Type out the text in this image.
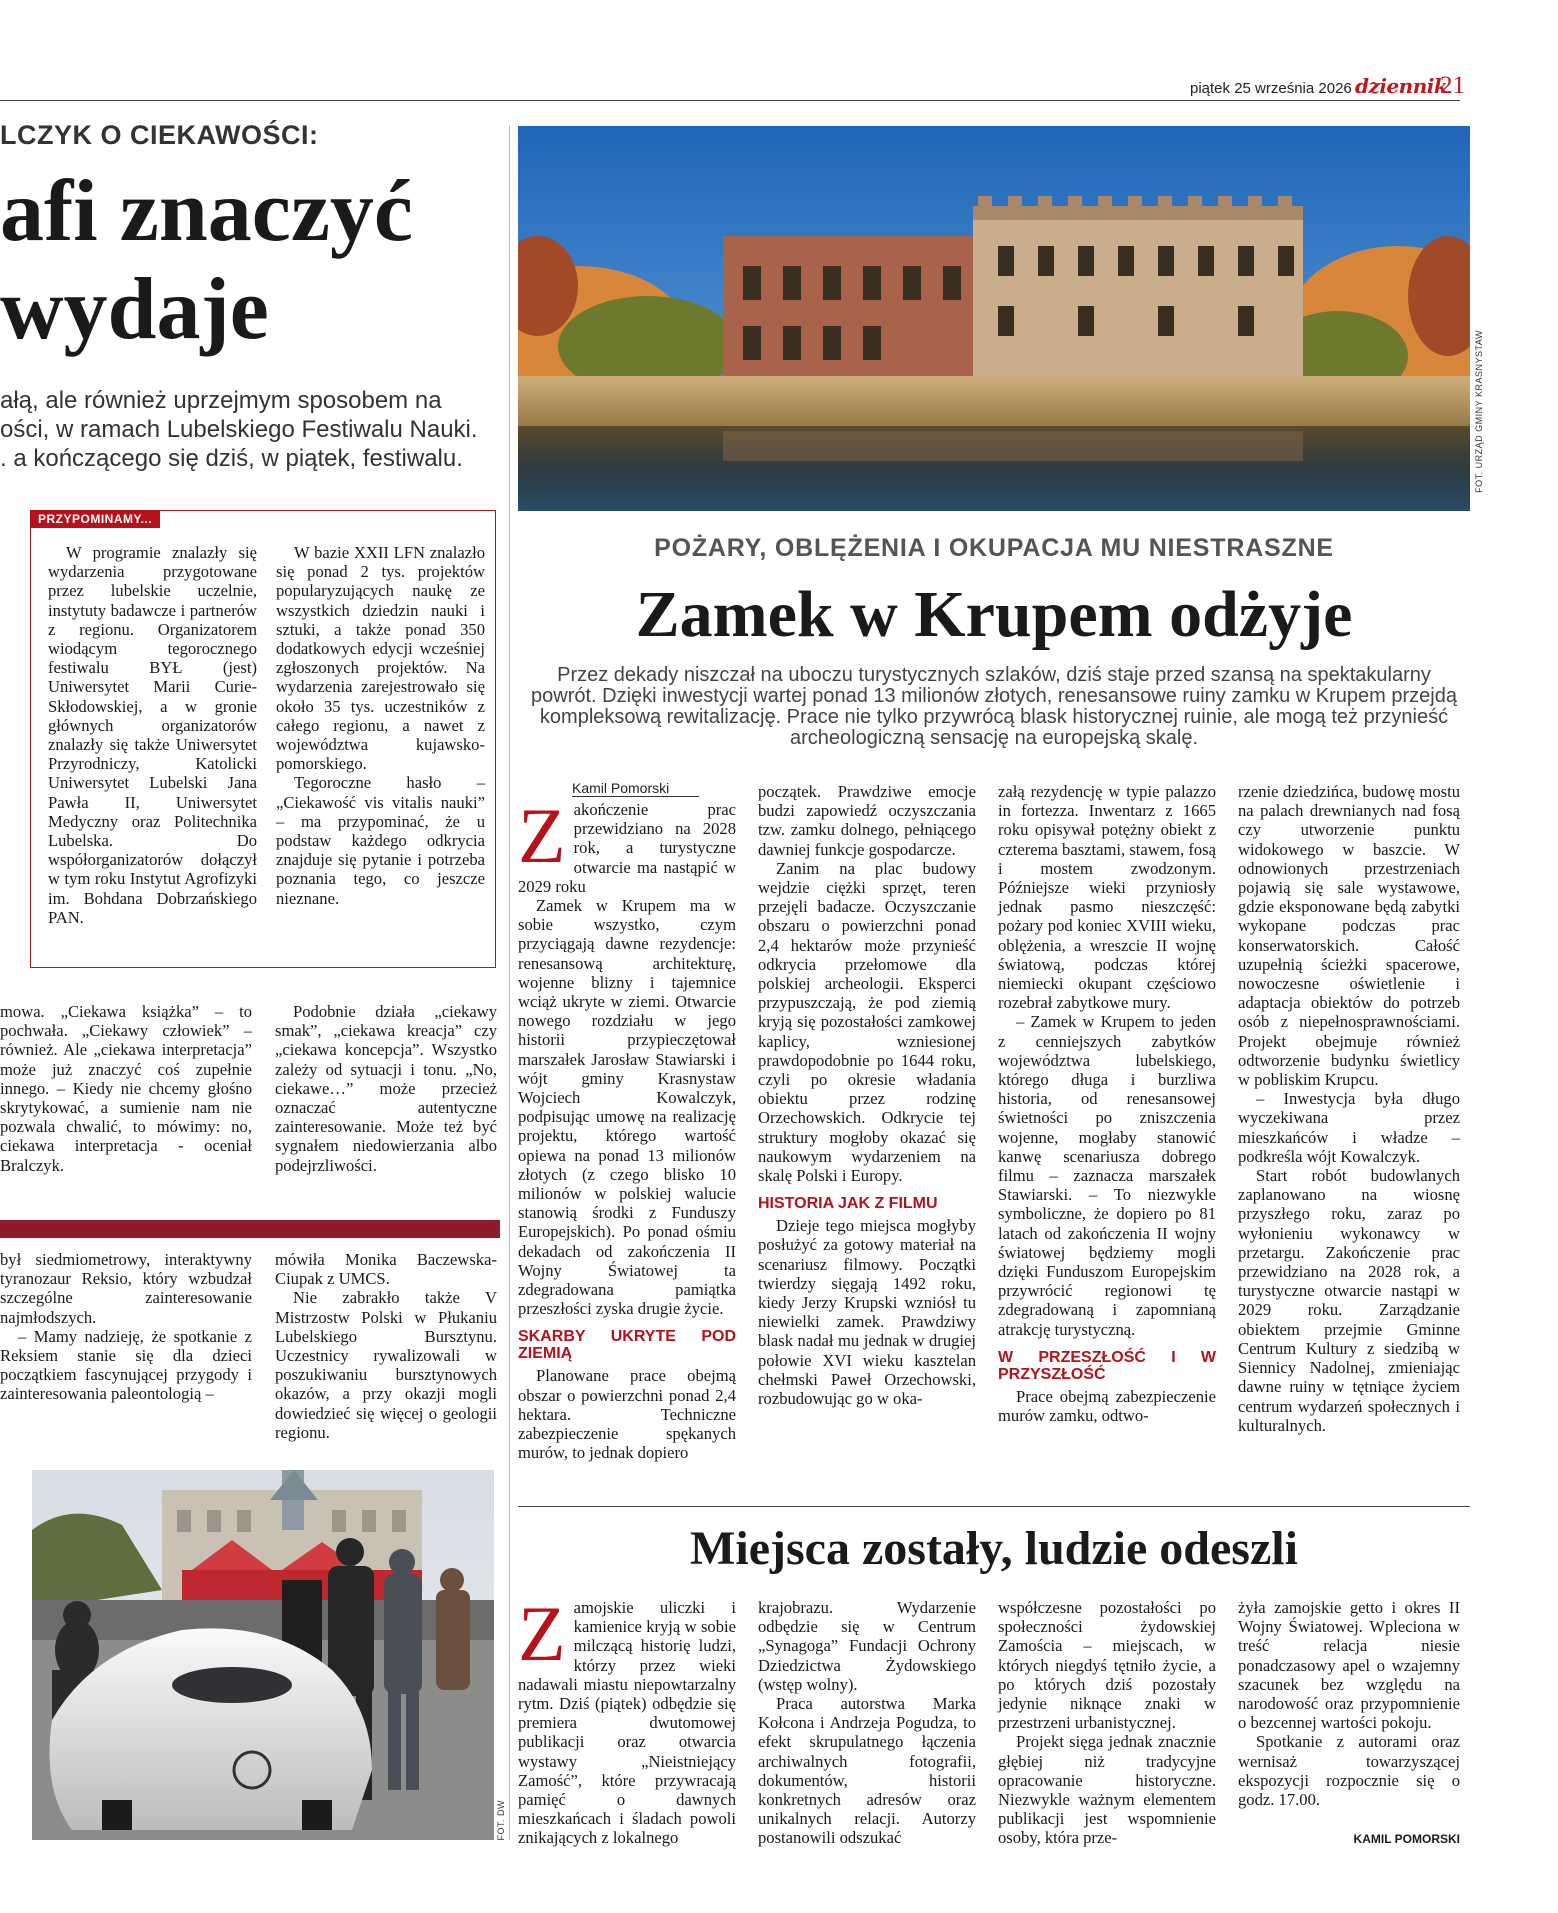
piątek 25 września 2026 dziennik
21
LCZYK O CIEKAWOŚCI:
afi znaczyć
wydaje
ałą, ale również uprzejmym sposobem na
ości, w ramach Lubelskiego Festiwalu Nauki.
. a kończącego się dziś, w piątek, festiwalu.
PRZYPOMINAMY...

W programie znalazły się wydarzenia przygotowane przez lubelskie uczelnie, instytuty badawcze i partnerów z regionu. Organizatorem wiodącym tegorocznego festiwalu BYŁ (jest) Uniwersytet Marii Curie-Skłodowskiej, a w gronie głównych organizatorów znalazły się także Uniwersytet Przyrodniczy, Katolicki Uniwersytet Lubelski Jana Pawła II, Uniwersytet Medyczny oraz Politechnika Lubelska. Do współorganizatorów dołączył w tym roku Instytut Agrofizyki im. Bohdana Dobrzańskiego PAN.

W bazie XXII LFN znalazło się ponad 2 tys. projektów popularyzujących naukę ze wszystkich dziedzin nauki i sztuki, a także ponad 350 dodatkowych edycji wcześniej zgłoszonych projektów. Na wydarzenia zarejestrowało się około 35 tys. uczestników z całego regionu, a nawet z województwa kujawsko-pomorskiego.

Tegoroczne hasło – „Ciekawość vis vitalis nauki” – ma przypominać, że u podstaw każdego odkrycia znajduje się pytanie i potrzeba poznania tego, co jeszcze nieznane.

mowa. „Ciekawa książka” – to pochwała. „Ciekawy człowiek” – również. Ale „ciekawa interpretacja” może już znaczyć coś zupełnie innego. – Kiedy nie chcemy głośno skrytykować, a sumienie nam nie pozwala chwalić, to mówimy: no, ciekawa interpretacja - oceniał Bralczyk.

Podobnie działa „ciekawy smak”, „ciekawa kreacja” czy „ciekawa koncepcja”. Wszystko zależy od sytuacji i tonu. „No, ciekawe…” może przecież oznaczać autentyczne zainteresowanie. Może też być sygnałem niedowierzania albo podejrzliwości.

był siedmiometrowy, interaktywny tyranozaur Reksio, który wzbudzał szczególne zainteresowanie najmłodszych.

– Mamy nadzieję, że spotkanie z Reksiem stanie się dla dzieci początkiem fascynującej przygody i zainteresowania paleontologią –

mówiła Monika Baczewska-Ciupak z UMCS.

Nie zabrakło także V Mistrzostw Polski w Płukaniu Lubelskiego Bursztynu. Uczestnicy rywalizowali w poszukiwaniu bursztynowych okazów, a przy okazji mogli dowiedzieć się więcej o geologii regionu.

FOT. DW
FOT. URZĄD GMINY KRASNYSTAW
POŻARY, OBLĘŻENIA I OKUPACJA MU NIESTRASZNE
Zamek w Krupem odżyje
Przez dekady niszczał na uboczu turystycznych szlaków, dziś staje przed szansą na spektakularny powrót. Dzięki inwestycji wartej ponad 13 milionów złotych, renesansowe ruiny zamku w Krupem przejdą kompleksową rewitalizację. Prace nie tylko przywrócą blask historycznej ruinie, ale mogą też przynieść archeologiczną sensację na europejską skalę.
Kamil Pomorski
Z akończenie prac przewidziano na 2028 rok, a turystyczne otwarcie ma nastąpić w 2029 roku

Zamek w Krupem ma w sobie wszystko, czym przyciągają dawne rezydencje: renesansową architekturę, wojenne blizny i tajemnice wciąż ukryte w ziemi. Otwarcie nowego rozdziału w jego historii przypieczętował marszałek Jarosław Stawiarski i wójt gminy Krasnystaw Wojciech Kowalczyk, podpisując umowę na realizację projektu, którego wartość opiewa na ponad 13 milionów złotych (z czego blisko 10 milionów w polskiej walucie stanowią środki z Funduszy Europejskich). Po ponad ośmiu dekadach od zakończenia II Wojny Światowej ta zdegradowana pamiątka przeszłości zyska drugie życie.

SKARBY UKRYTE POD ZIEMIĄ

Planowane prace obejmą obszar o powierzchni ponad 2,4 hektara. Techniczne zabezpieczenie spękanych murów, to jednak dopiero

początek. Prawdziwe emocje budzi zapowiedź oczyszczania tzw. zamku dolnego, pełniącego dawniej funkcje gospodarcze.

Zanim na plac budowy wejdzie ciężki sprzęt, teren przejęli badacze. Oczyszczanie obszaru o powierzchni ponad 2,4 hektarów może przynieść odkrycia przełomowe dla polskiej archeologii. Eksperci przypuszczają, że pod ziemią kryją się pozostałości zamkowej kaplicy, wzniesionej prawdopodobnie po 1644 roku, czyli po okresie władania obiektu przez rodzinę Orzechowskich. Odkrycie tej struktury mogłoby okazać się naukowym wydarzeniem na skalę Polski i Europy.

HISTORIA JAK Z FILMU

Dzieje tego miejsca mogłyby posłużyć za gotowy materiał na scenariusz filmowy. Początki twierdzy sięgają 1492 roku, kiedy Jerzy Krupski wzniósł tu niewielki zamek. Prawdziwy blask nadał mu jednak w drugiej połowie XVI wieku kasztelan chełmski Paweł Orzechowski, rozbudowując go w oka-

załą rezydencję w typie palazzo in fortezza. Inwentarz z 1665 roku opisywał potężny obiekt z czterema basztami, stawem, fosą i mostem zwodzonym. Późniejsze wieki przyniosły jednak pasmo nieszczęść: pożary pod koniec XVIII wieku, oblężenia, a wreszcie II wojnę światową, podczas której niemiecki okupant częściowo rozebrał zabytkowe mury.

– Zamek w Krupem to jeden z cenniejszych zabytków województwa lubelskiego, którego długa i burzliwa historia, od renesansowej świetności po zniszczenia wojenne, mogłaby stanowić kanwę scenariusza dobrego filmu – zaznacza marszałek Stawiarski. – To niezwykle symboliczne, że dopiero po 81 latach od zakończenia II wojny światowej będziemy mogli dzięki Funduszom Europejskim przywrócić regionowi tę zdegradowaną i zapomnianą atrakcję turystyczną.

W PRZESZŁOŚĆ I W PRZYSZŁOŚĆ

Prace obejmą zabezpieczenie murów zamku, odtwo-

rzenie dziedzińca, budowę mostu na palach drewnianych nad fosą czy utworzenie punktu widokowego w baszcie. W odnowionych przestrzeniach pojawią się sale wystawowe, gdzie eksponowane będą zabytki wykopane podczas prac konserwatorskich. Całość uzupełnią ścieżki spacerowe, nowoczesne oświetlenie i adaptacja obiektów do potrzeb osób z niepełnosprawnościami. Projekt obejmuje również odtworzenie budynku świetlicy w pobliskim Krupcu.

– Inwestycja była długo wyczekiwana przez mieszkańców i władze – podkreśla wójt Kowalczyk.

Start robót budowlanych zaplanowano na wiosnę przyszłego roku, zaraz po wyłonieniu wykonawcy w przetargu. Zakończenie prac przewidziano na 2028 rok, a turystyczne otwarcie nastąpi w 2029 roku. Zarządzanie obiektem przejmie Gminne Centrum Kultury z siedzibą w Siennicy Nadolnej, zmieniając dawne ruiny w tętniące życiem centrum wydarzeń społecznych i kulturalnych.

Miejsca zostały, ludzie odeszli
Z amojskie uliczki i kamienice kryją w sobie milczącą historię ludzi, którzy przez wieki nadawali miastu niepowtarzalny rytm. Dziś (piątek) odbędzie się premiera dwutomowej publikacji oraz otwarcia wystawy „Nieistniejący Zamość”, które przywracają pamięć o dawnych mieszkańcach i śladach powoli znikających z lokalnego

krajobrazu. Wydarzenie odbędzie się w Centrum „Synagoga” Fundacji Ochrony Dziedzictwa Żydowskiego (wstęp wolny).

Praca autorstwa Marka Kołcona i Andrzeja Pogudza, to efekt skrupulatnego łączenia archiwalnych fotografii, dokumentów, historii konkretnych adresów oraz unikalnych relacji. Autorzy postanowili odszukać

współczesne pozostałości po społeczności żydowskiej Zamościa – miejscach, w których niegdyś tętniło życie, a po których dziś pozostały jedynie niknące znaki w przestrzeni urbanistycznej.

Projekt sięga jednak znacznie głębiej niż tradycyjne opracowanie historyczne. Niezwykle ważnym elementem publikacji jest wspomnienie osoby, która prze-

żyła zamojskie getto i okres II Wojny Światowej. Wpleciona w treść relacja niesie ponadczasowy apel o wzajemny szacunek bez względu na narodowość oraz przypomnienie o bezcennej wartości pokoju.

Spotkanie z autorami oraz wernisaż towarzyszącej ekspozycji rozpocznie się o godz. 17.00.

KAMIL POMORSKI
